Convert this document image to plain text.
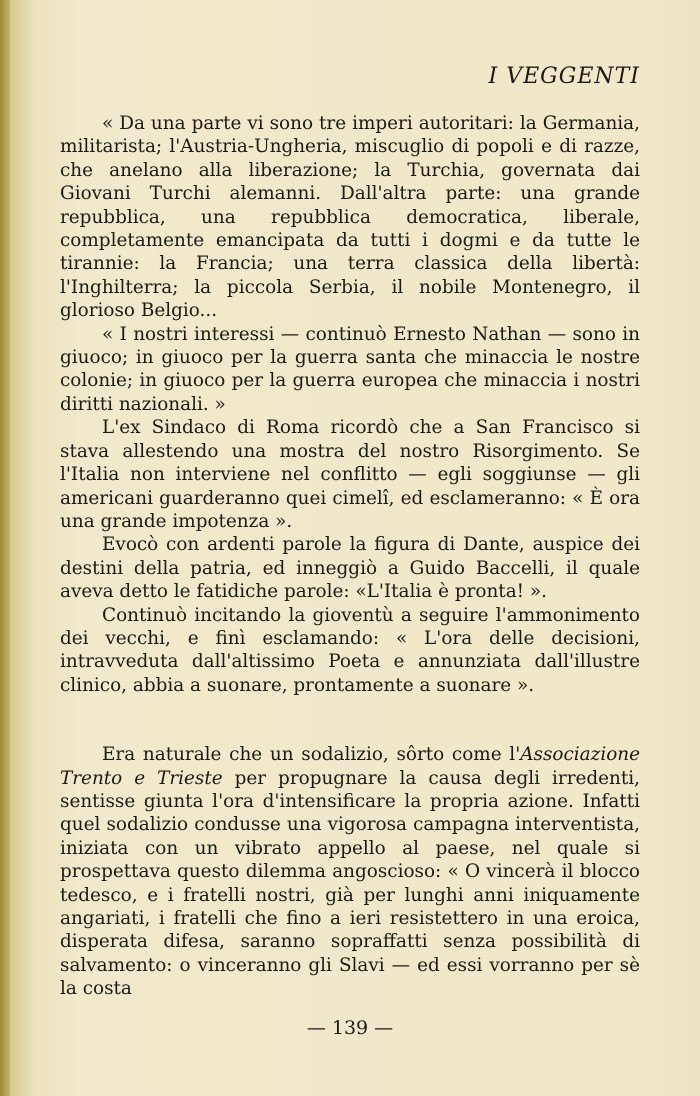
I VEGGENTI

« Da una parte vi sono tre imperi autoritari: la Germania, militarista; l'Austria-Ungheria, miscuglio di popoli e di razze, che anelano alla liberazione; la Turchia, governata dai Giovani Turchi alemanni. Dall'altra parte: una grande repubblica, una repubblica democratica, liberale, completamente emancipata da tutti i dogmi e da tutte le tirannie: la Francia; una terra classica della libertà: l'Inghilterra; la piccola Serbia, il nobile Montenegro, il glorioso Belgio...

« I nostri interessi — continuò Ernesto Nathan — sono in giuoco; in giuoco per la guerra santa che minaccia le nostre colonie; in giuoco per la guerra europea che minaccia i nostri diritti nazionali. »

L'ex Sindaco di Roma ricordò che a San Francisco si stava allestendo una mostra del nostro Risorgimento. Se l'Italia non interviene nel conflitto — egli soggiunse — gli americani guarderanno quei cimelî, ed esclameranno: « È ora una grande impotenza ».

Evocò con ardenti parole la figura di Dante, auspice dei destini della patria, ed inneggiò a Guido Baccelli, il quale aveva detto le fatidiche parole: «L'Italia è pronta! ».

Continuò incitando la gioventù a seguire l'ammonimento dei vecchi, e finì esclamando: « L'ora delle decisioni, intravveduta dall'altissimo Poeta e annunziata dall'illustre clinico, abbia a suonare, prontamente a suonare ».

Era naturale che un sodalizio, sôrto come l'Associazione Trento e Trieste per propugnare la causa degli irredenti, sentisse giunta l'ora d'intensificare la propria azione. Infatti quel sodalizio condusse una vigorosa campagna interventista, iniziata con un vibrato appello al paese, nel quale si prospettava questo dilemma angoscioso: « O vincerà il blocco tedesco, e i fratelli nostri, già per lunghi anni iniquamente angariati, i fratelli che fino a ieri resistettero in una eroica, disperata difesa, saranno sopraffatti senza possibilità di salvamento: o vinceranno gli Slavi — ed essi vorranno per sè la costa

— 139 —
